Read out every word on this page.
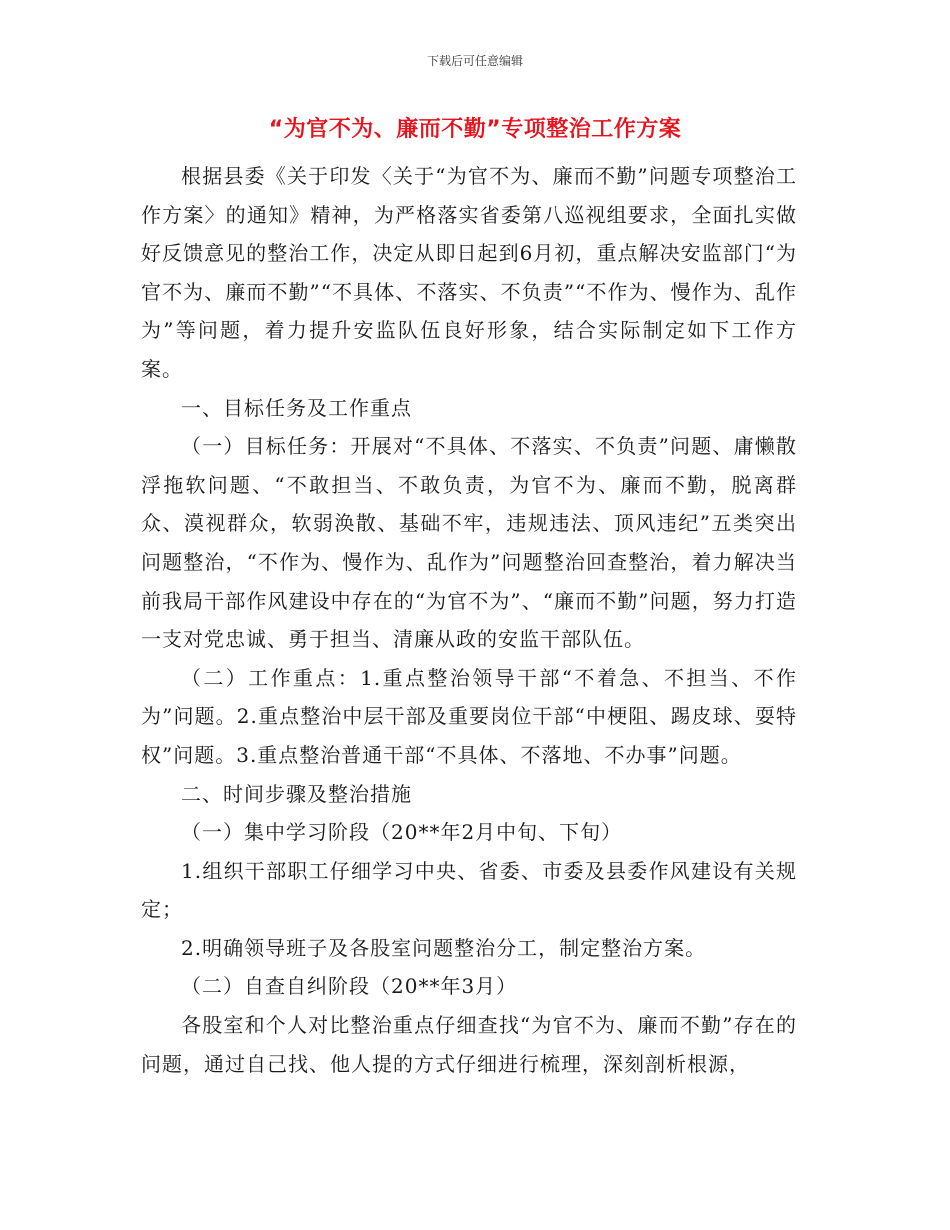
下载后可任意编辑
“为官不为、廉而不勤”专项整治工作方案

根据县委《关于印发〈关于“为官不为、廉而不勤”问题专项整治工作方案〉的通知》精神，为严格落实省委第八巡视组要求，全面扎实做好反馈意见的整治工作，决定从即日起到6月初，重点解决安监部门“为官不为、廉而不勤”“不具体、不落实、不负责”“不作为、慢作为、乱作为”等问题，着力提升安监队伍良好形象，结合实际制定如下工作方案。

一、目标任务及工作重点

（一）目标任务：开展对“不具体、不落实、不负责”问题、庸懒散浮拖软问题、“不敢担当、不敢负责，为官不为、廉而不勤，脱离群众、漠视群众，软弱涣散、基础不牢，违规违法、顶风违纪”五类突出问题整治，“不作为、慢作为、乱作为”问题整治回查整治，着力解决当前我局干部作风建设中存在的“为官不为”、“廉而不勤”问题，努力打造一支对党忠诚、勇于担当、清廉从政的安监干部队伍。

（二）工作重点：1.重点整治领导干部“不着急、不担当、不作为”问题。2.重点整治中层干部及重要岗位干部“中梗阻、踢皮球、耍特权”问题。3.重点整治普通干部“不具体、不落地、不办事”问题。

二、时间步骤及整治措施

（一）集中学习阶段（20**年2月中旬、下旬）

1.组织干部职工仔细学习中央、省委、市委及县委作风建设有关规定；

2.明确领导班子及各股室问题整治分工，制定整治方案。

（二）自查自纠阶段（20**年3月）

各股室和个人对比整治重点仔细查找“为官不为、廉而不勤”存在的问题，通过自己找、他人提的方式仔细进行梳理，深刻剖析根源，
